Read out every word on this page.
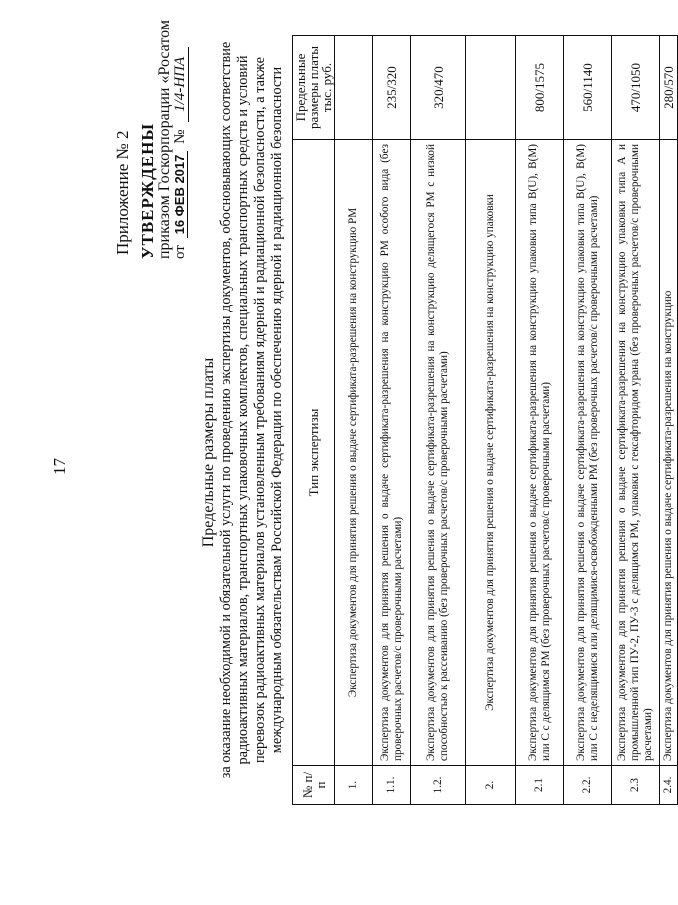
17
Приложение № 2 УТВЕРЖДЕНЫ приказом Госкорпорации «Росатом от 16 ФЕВ 2017 № 1/4-НПА
Предельные размеры платы за оказание необходимой и обязательной услуги по проведению экспертизы документов, обосновывающих соответствие радиоактивных материалов, транспортных упаковочных комплектов, специальных транспортных средств и условий перевозок радиоактивных материалов установленным требованиям ядерной и радиационной безопасности, а также международным обязательствам Российской Федерации по обеспечению ядерной и радиационной безопасности
№ п/п	Тип экспертизы	Предельные размеры платы тыс. руб.
1.	Экспертиза документов для принятия решения о выдаче сертификата-разрешения на конструкцию РМ	
1.1.	Экспертиза документов для принятия решения о выдаче сертификата-разрешения на конструкцию РМ особого вида (без проверочных расчетов/с проверочными расчетами)	235/320
1.2.	Экспертиза документов для принятия решения о выдаче сертификата-разрешения на конструкцию делящегося РМ с низкой способностью к рассеиванию (без проверочных расчетов/с проверочными расчетами)	320/470
2.	Экспертиза документов для принятия решения о выдаче сертификата-разрешения на конструкцию упаковки	
2.1	Экспертиза документов для принятия решения о выдаче сертификата-разрешения на конструкцию упаковки типа B(U), B(M) или C с делящимся РМ (без проверочных расчетов/с проверочными расчетами)	800/1575
2.2.	Экспертиза документов для принятия решения о выдаче сертификата-разрешения на конструкцию упаковки типа B(U), B(M) или C с неделящимися или делящимися-освобожденными РМ (без проверочных расчетов/с проверочными расчетами)	560/1140
2.3	Экспертиза документов для принятия решения о выдаче сертификата-разрешения на конструкцию упаковки типа A и промышленной тип ПУ-2, ПУ-3 с делящимся РМ, упаковки с гексафторидом урана (без проверочных расчетов/с проверочными расчетами)	470/1050
2.4.	Экспертиза документов для принятия решения о выдаче сертификата-разрешения на конструкцию	280/570
